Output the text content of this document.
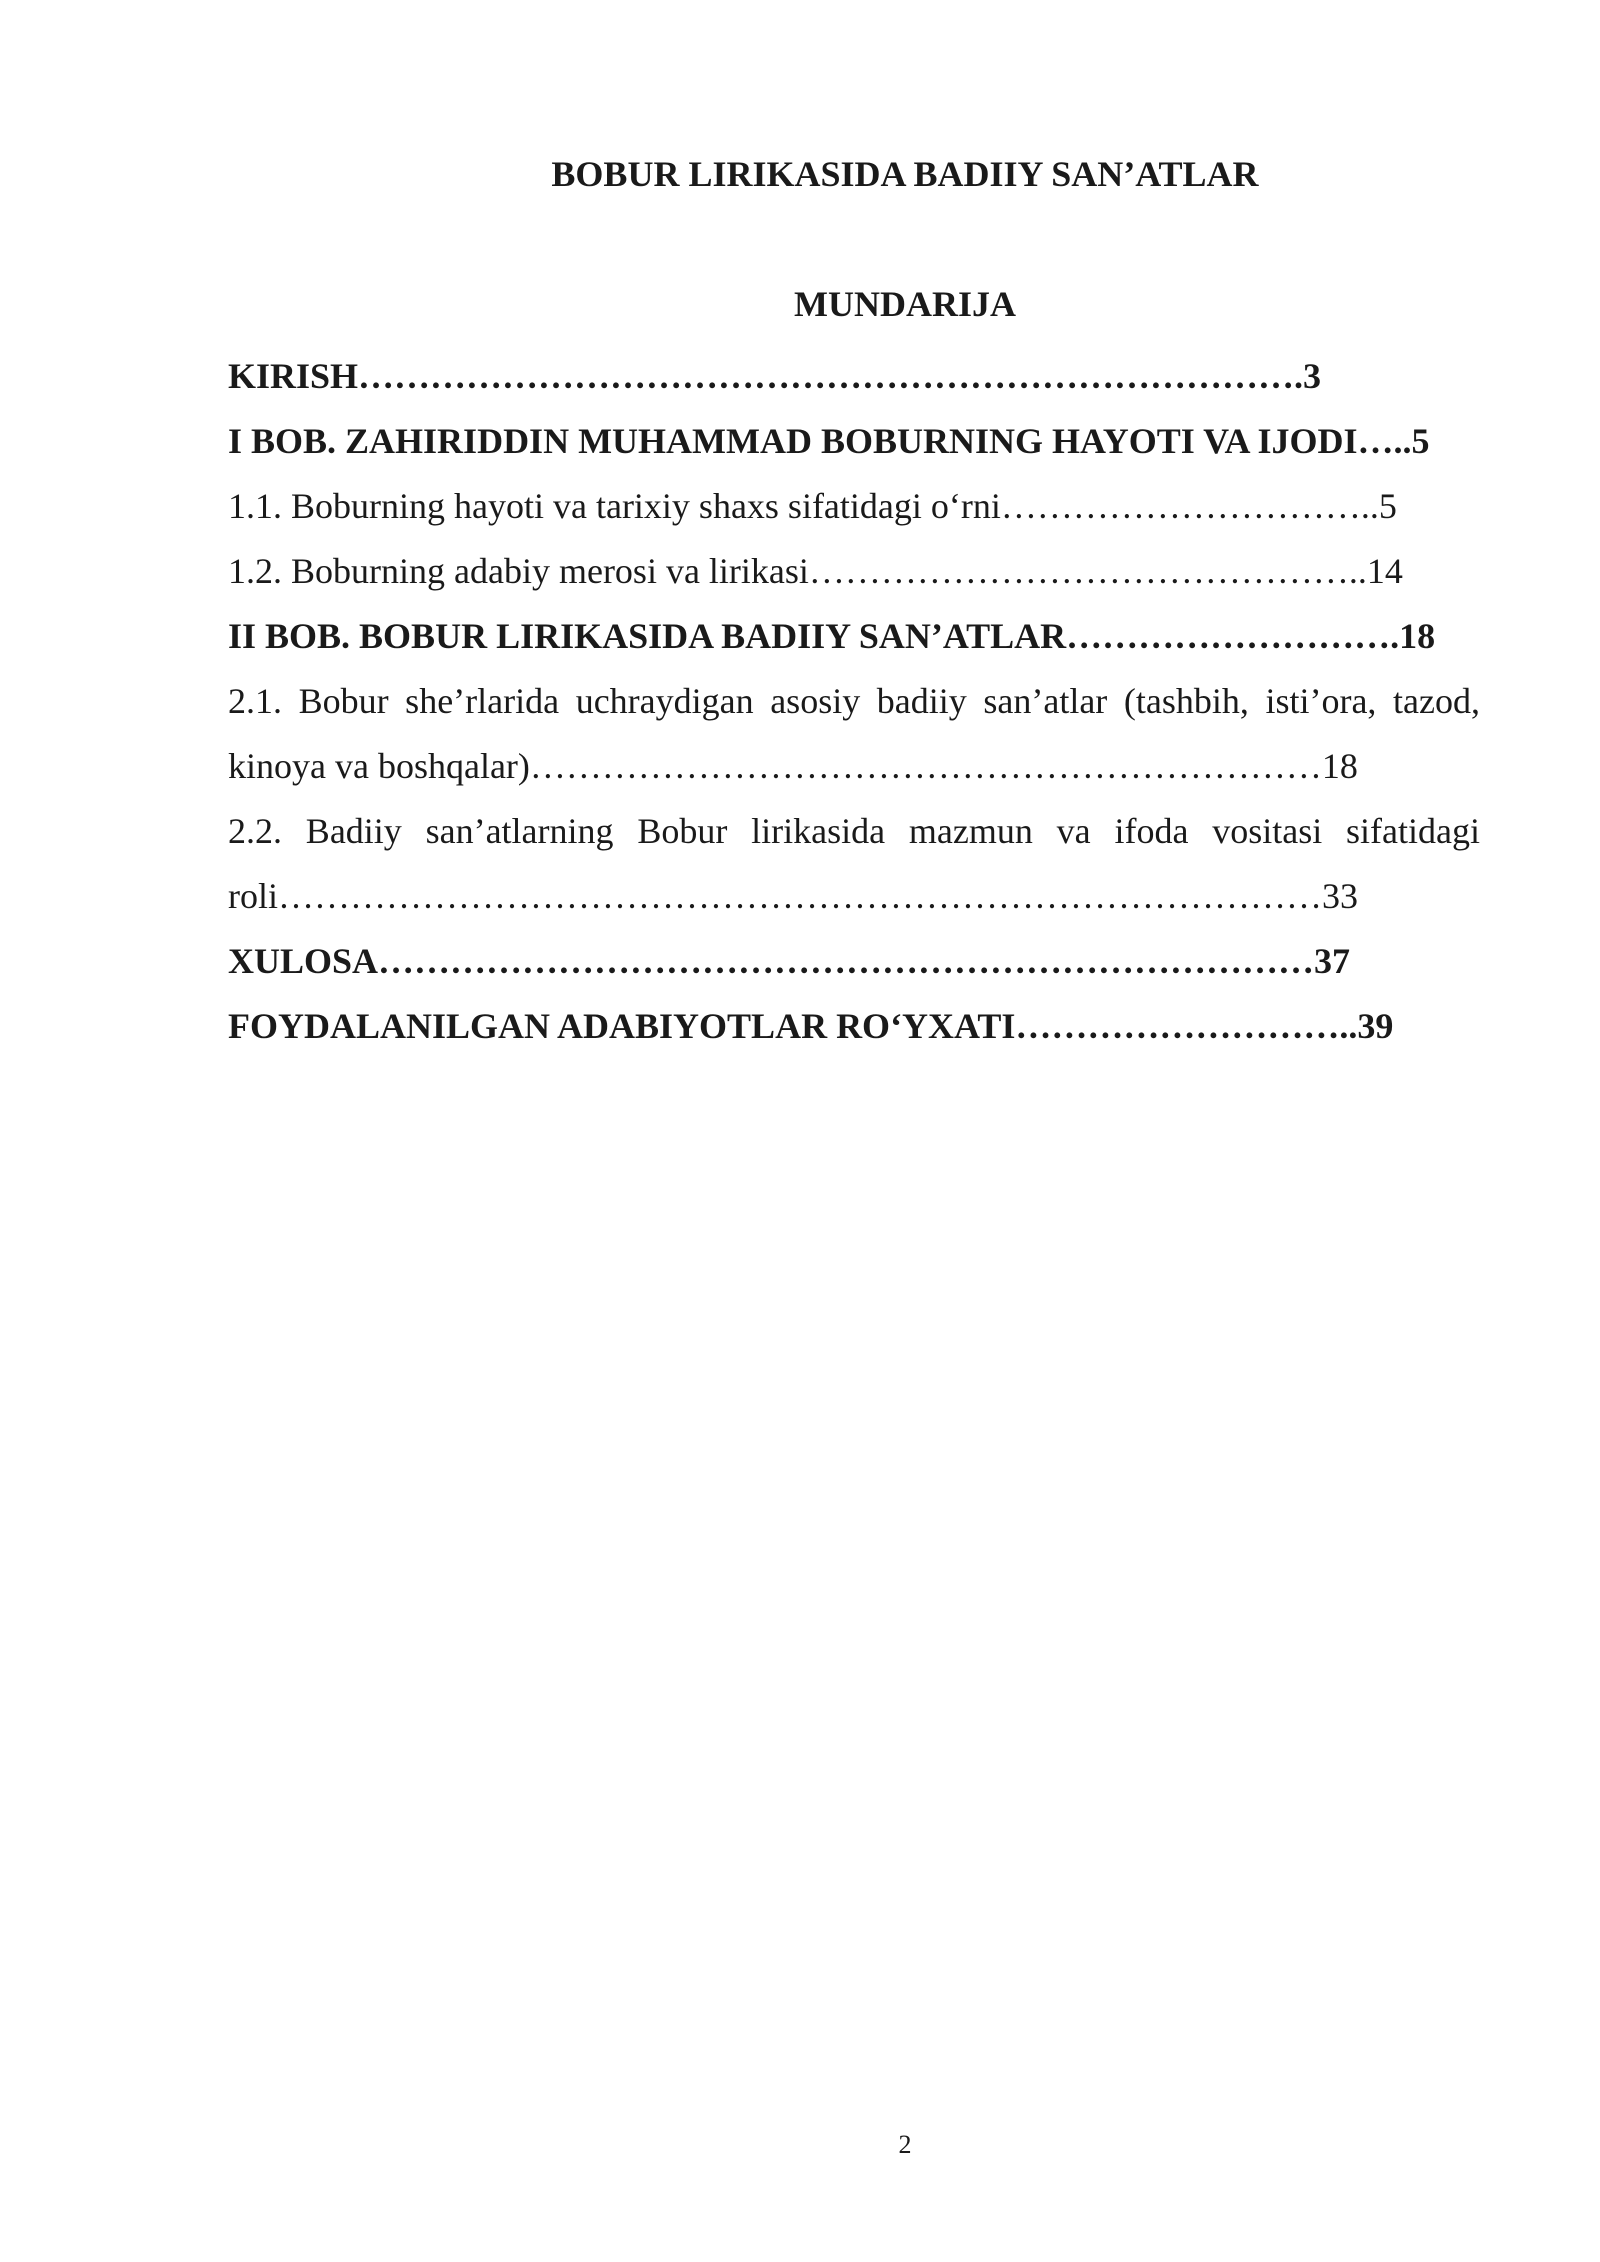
BOBUR LIRIKASIDA BADIIY SAN’ATLAR
MUNDARIJA

KIRISH…………………………………………………………………….3

I BOB. ZAHIRIDDIN MUHAMMAD BOBURNING HAYOTI VA IJODI…..5

1.1. Boburning hayoti va tarixiy shaxs sifatidagi o‘rni…………………………..5

1.2. Boburning adabiy merosi va lirikasi………………………………………..14

II BOB. BOBUR LIRIKASIDA BADIIY SAN’ATLAR……………………….18

2.1. Bobur she’rlarida uchraydigan asosiy badiiy san’atlar (tashbih, isti’ora, tazod, kinoya va boshqalar)…………………………………………………………18

2.2. Badiiy san’atlarning Bobur lirikasida mazmun va ifoda vositasi sifatidagi roli……………………………………………………………………………33

XULOSA……………………………………………………………………37

FOYDALANILGAN ADABIYOTLAR RO‘YXATI………………………..39

2
